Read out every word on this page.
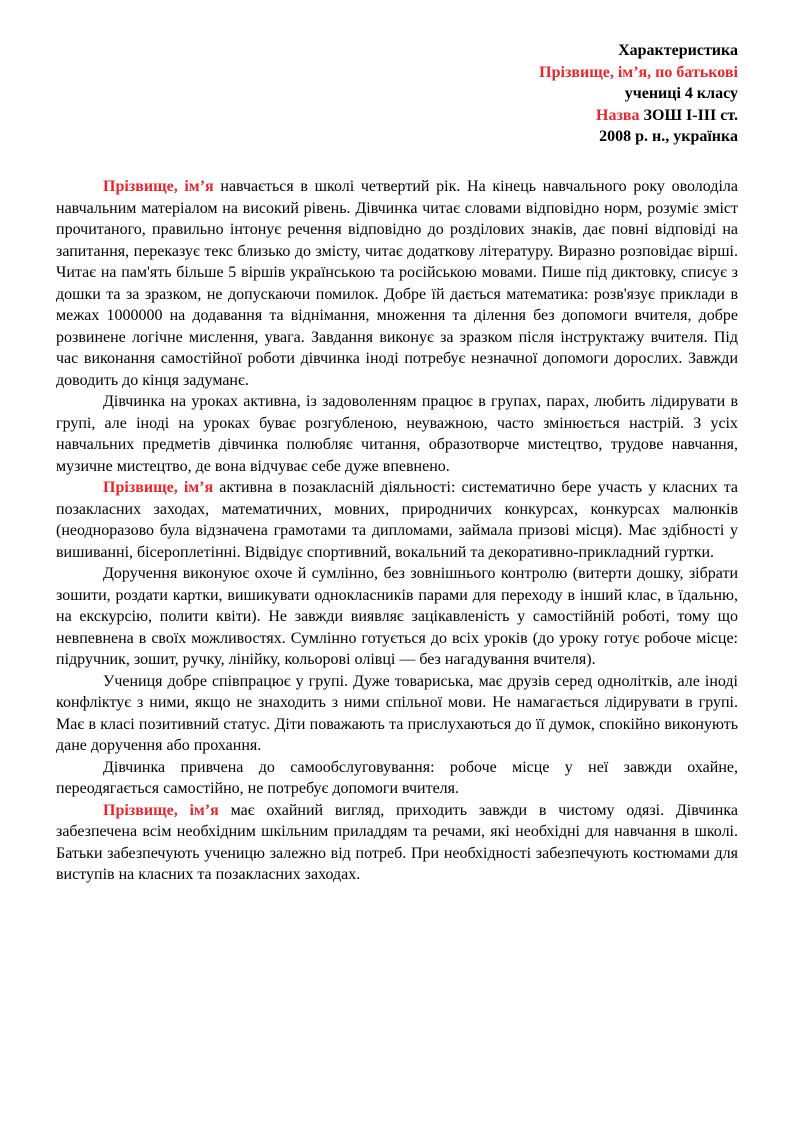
Характеристика
Прізвище, ім’я, по батькові
учениці 4 класу
Назва ЗОШ І-ІІІ ст.
2008 р. н., українка

Прізвище, ім’я навчається в школі четвертий рік. На кінець навчального року оволоділа навчальним матеріалом на високий рівень. Дівчинка читає словами відповідно норм, розуміє зміст прочитаного, правильно інтонує речення відповідно до розділових знаків, дає повні відповіді на запитання, переказує текс близько до змісту, читає додаткову літературу. Виразно розповідає вірші. Читає на пам'ять більше 5 віршів українською та російською мовами. Пише під диктовку, списує з дошки та за зразком, не допускаючи помилок. Добре їй дається математика: розв'язує приклади в межах 1000000 на додавання та віднімання, множення та ділення без допомоги вчителя, добре розвинене логічне мислення, увага. Завдання виконує за зразком після інструктажу вчителя. Під час виконання самостійної роботи дівчинка іноді потребує незначної допомоги дорослих. Завжди доводить до кінця задуманє.

Дівчинка на уроках активна, із задоволенням працює в групах, парах, любить лідирувати в групі, але іноді на уроках буває розгубленою, неуважною, часто змінюється настрій. З усіх навчальних предметів дівчинка полюбляє читання, образотворче мистецтво, трудове навчання, музичне мистецтво, де вона відчуває себе дуже впевнено.

Прізвище, ім’я активна в позакласній діяльності: систематично бере участь у класних та позакласних заходах, математичних, мовних, природничих конкурсах, конкурсах малюнків (неодноразово була відзначена грамотами та дипломами, займала призові місця). Має здібності у вишиванні, бісероплетінні. Відвідує спортивний, вокальний та декоративно-прикладний гуртки.

Доручення виконуює охоче й сумлінно, без зовнішнього контролю (витерти дошку, зібрати зошити, роздати картки, вишикувати однокласників парами для переходу в інший клас, в їдальню, на екскурсію, полити квіти). Не завжди виявляє зацікавленість у самостійній роботі, тому що невпевнена в своїх можливостях. Сумлінно готується до всіх уроків (до уроку готує робоче місце: підручник, зошит, ручку, лінійку, кольорові олівці — без нагадування вчителя).

Учениця добре співпрацює у групі. Дуже товариська, має друзів серед однолітків, але іноді конфліктує з ними, якщо не знаходить з ними спільної мови. Не намагається лідирувати в групі. Має в класі позитивний статус. Діти поважають та прислухаються до її думок, спокійно виконують дане доручення або прохання.

Дівчинка привчена до самообслуговування: робоче місце у неї завжди охайне, переодягається самостійно, не потребує допомоги вчителя.

Прізвище, ім’я має охайний вигляд, приходить завжди в чистому одязі. Дівчинка забезпечена всім необхідним шкільним приладдям та речами, які необхідні для навчання в школі. Батьки забезпечують ученицю залежно від потреб. При необхідності забезпечують костюмами для виступів на класних та позакласних заходах.
